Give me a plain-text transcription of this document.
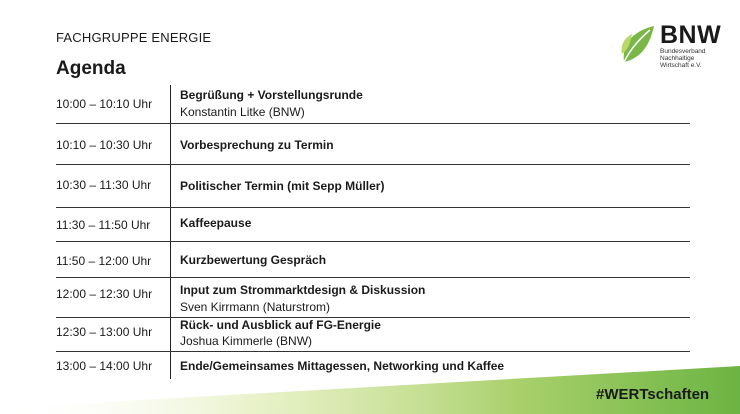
FACHGRUPPE ENERGIE
Agenda
BNW
Bundesverband
Nachhaltige
Wirtschaft e.V.
10:00 – 10:10 Uhr
Begrüßung + Vorstellungsrunde
Konstantin Litke (BNW)
10:10 – 10:30 Uhr Vorbesprechung zu Termin
10:30 – 11:30 Uhr Politischer Termin (mit Sepp Müller)
11:30 – 11:50 Uhr Kaffeepause
11:50 – 12:00 Uhr Kurzbewertung Gespräch
12:00 – 12:30 Uhr Input zum Strommarktdesign & Diskussion
Sven Kirrmann (Naturstrom)
12:30 – 13:00 Uhr Rück- und Ausblick auf FG-Energie
Joshua Kimmerle (BNW)
13:00 – 14:00 Uhr Ende/Gemeinsames Mittagessen, Networking und Kaffee
#WERTschaften
